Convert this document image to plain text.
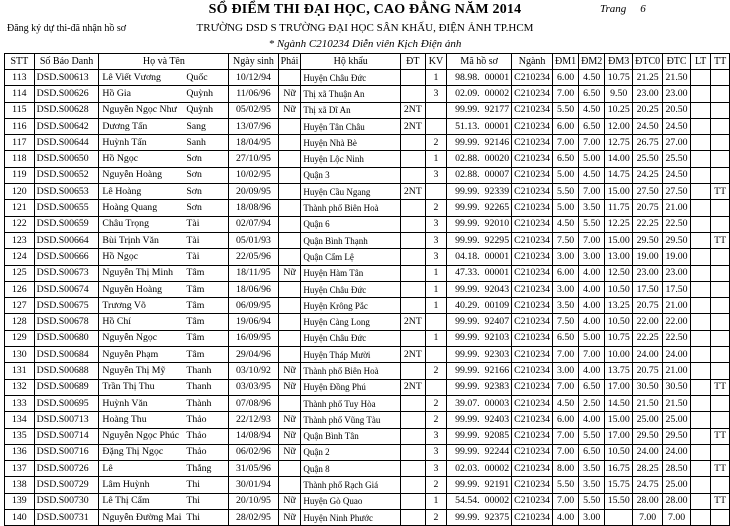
SỔ ĐIỂM THI ĐẠI HỌC, CAO ĐẲNG NĂM 2014	Trang 6
Đăng ký dự thi-đã nhận hồ sơ	TRƯỜNG DSD S TRƯỜNG ĐẠI HỌC SÂN KHẤU, ĐIỆN ẢNH TP.HCM
* Ngành C210234 Diễn viên Kịch Điện ảnh
STT	Số Báo Danh	Họ và Tên		Ngày sinh	Phái	Hộ khẩu	ĐT	KV	Mã hồ sơ	Ngành	ĐM1	ĐM2	ĐM3	ĐTC0	ĐTC	LT	TT
113	DSD.S00613	Lê Viết Vương	Quốc	10/12/94		Huyện Châu Đức		1	98.98. 00001	C210234	6.00	4.50	10.75	21.25	21.50		
114	DSD.S00626	Hồ Gia	Quỳnh	11/06/96	Nữ	Thị xã Thuận An		3	02.09. 00002	C210234	7.00	6.50	9.50	23.00	23.00		
115	DSD.S00628	Nguyễn Ngọc Như	Quỳnh	05/02/95	Nữ	Thị xã Dĩ An	2NT		99.99. 92177	C210234	5.50	4.50	10.25	20.25	20.50		
116	DSD.S00642	Dương Tấn	Sang	13/07/96		Huyện Tân Châu	2NT		51.13. 00001	C210234	6.00	6.50	12.00	24.50	24.50		
117	DSD.S00644	Huỳnh Tấn	Sanh	18/04/95		Huyện Nhà Bè		2	99.99. 92146	C210234	7.00	7.00	12.75	26.75	27.00		
118	DSD.S00650	Hồ Ngọc	Sơn	27/10/95		Huyện Lộc Ninh		1	02.88. 00020	C210234	6.50	5.00	14.00	25.50	25.50		
119	DSD.S00652	Nguyễn Hoàng	Sơn	10/02/95		Quận 3		3	02.88. 00007	C210234	5.00	4.50	14.75	24.25	24.50		
120	DSD.S00653	Lê Hoàng	Sơn	20/09/95		Huyện Cầu Ngang	2NT		99.99. 92339	C210234	5.50	7.00	15.00	27.50	27.50		TT
121	DSD.S00655	Hoàng Quang	Sơn	18/08/96		Thành phố Biên Hoà		2	99.99. 92265	C210234	5.00	3.50	11.75	20.75	21.00		
122	DSD.S00659	Châu Trọng	Tài	02/07/94		Quận 6		3	99.99. 92010	C210234	4.50	5.50	12.25	22.25	22.50		
123	DSD.S00664	Bùi Trịnh Văn	Tài	05/01/93		Quận Bình Thạnh		3	99.99. 92295	C210234	7.50	7.00	15.00	29.50	29.50		TT
124	DSD.S00666	Hồ Ngọc	Tài	22/05/96		Quận Cẩm Lệ		3	04.18. 00001	C210234	3.00	3.00	13.00	19.00	19.00		
125	DSD.S00673	Nguyễn Thị Minh	Tâm	18/11/95	Nữ	Huyện Hàm Tân		1	47.33. 00001	C210234	6.00	4.00	12.50	23.00	23.00		
126	DSD.S00674	Nguyễn Hoàng	Tâm	18/06/96		Huyện Châu Đức		1	99.99. 92043	C210234	3.00	4.00	10.50	17.50	17.50		
127	DSD.S00675	Trương Võ	Tâm	06/09/95		Huyện Krông Pắc		1	40.29. 00109	C210234	3.50	4.00	13.25	20.75	21.00		
128	DSD.S00678	Hồ Chí	Tâm	19/06/94		Huyện Càng Long	2NT		99.99. 92407	C210234	7.50	4.00	10.50	22.00	22.00		
129	DSD.S00680	Nguyễn Ngọc	Tâm	16/09/95		Huyện Châu Đức		1	99.99. 92103	C210234	6.50	5.00	10.75	22.25	22.50		
130	DSD.S00684	Nguyễn Phạm	Tâm	29/04/96		Huyện Tháp Mười	2NT		99.99. 92303	C210234	7.00	7.00	10.00	24.00	24.00		
131	DSD.S00688	Nguyễn Thị Mỹ	Thanh	03/10/92	Nữ	Thành phố Biên Hoà		2	99.99. 92166	C210234	3.00	4.00	13.75	20.75	21.00		
132	DSD.S00689	Trần Thị Thu	Thanh	03/03/95	Nữ	Huyện Đồng Phú	2NT		99.99. 92383	C210234	7.00	6.50	17.00	30.50	30.50		TT
133	DSD.S00695	Huỳnh Văn	Thành	07/08/96		Thành phố Tuy Hòa		2	39.07. 00003	C210234	4.50	2.50	14.50	21.50	21.50		
134	DSD.S00713	Hoàng Thu	Thảo	22/12/93	Nữ	Thành phố Vũng Tàu		2	99.99. 92403	C210234	6.00	4.00	15.00	25.00	25.00		
135	DSD.S00714	Nguyễn Ngọc Phúc	Thảo	14/08/94	Nữ	Quận Bình Tân		3	99.99. 92085	C210234	7.00	5.50	17.00	29.50	29.50		TT
136	DSD.S00716	Đặng Thị Ngọc	Thảo	06/02/96	Nữ	Quận 2		3	99.99. 92244	C210234	7.00	6.50	10.50	24.00	24.00		
137	DSD.S00726	Lê	Thắng	31/05/96		Quận 8		3	02.03. 00002	C210234	8.00	3.50	16.75	28.25	28.50		TT
138	DSD.S00729	Lâm Huỳnh	Thi	30/01/94		Thành phố Rạch Giá		2	99.99. 92191	C210234	5.50	3.50	15.75	24.75	25.00		
139	DSD.S00730	Lê Thị Cẩm	Thi	20/10/95	Nữ	Huyện Gò Quao		1	54.54. 00002	C210234	7.00	5.50	15.50	28.00	28.00		TT
140	DSD.S00731	Nguyễn Đường Mai	Thi	28/02/95	Nữ	Huyện Ninh Phước		2	99.99. 92375	C210234	4.00	3.00		7.00	7.00		
